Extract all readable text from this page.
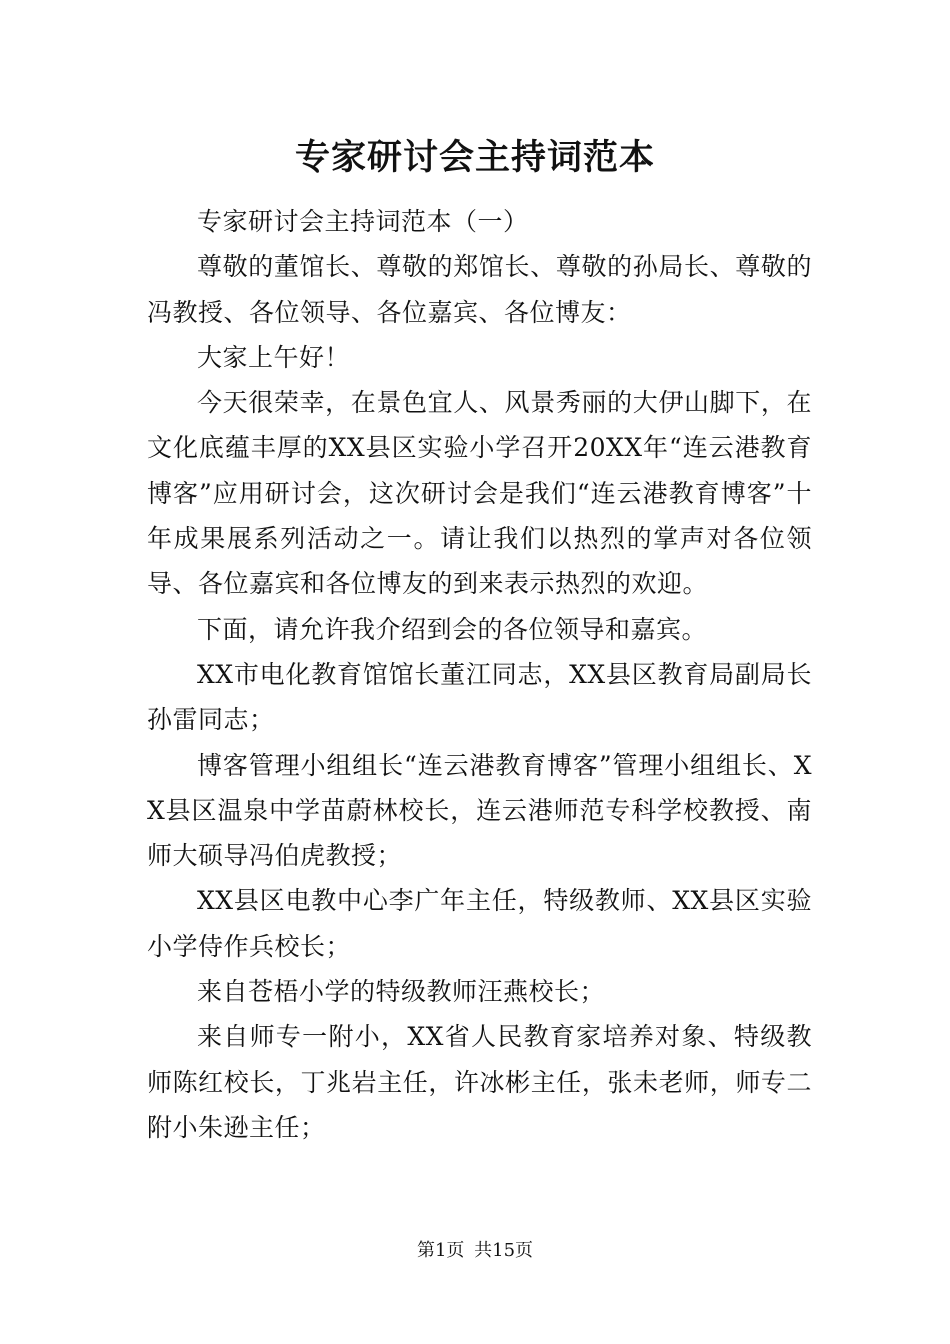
专家研讨会主持词范本

专家研讨会主持词范本（一）

尊敬的董馆长、尊敬的郑馆长、尊敬的孙局长、尊敬的冯教授、各位领导、各位嘉宾、各位博友：

大家上午好！

今天很荣幸，在景色宜人、风景秀丽的大伊山脚下，在文化底蕴丰厚的XX县区实验小学召开20XX年“连云港教育博客”应用研讨会，这次研讨会是我们“连云港教育博客”十年成果展系列活动之一。请让我们以热烈的掌声对各位领导、各位嘉宾和各位博友的到来表示热烈的欢迎。

下面，请允许我介绍到会的各位领导和嘉宾。

XX市电化教育馆馆长董江同志，XX县区教育局副局长孙雷同志；

博客管理小组组长“连云港教育博客”管理小组组长、XX县区温泉中学苗蔚林校长，连云港师范专科学校教授、南师大硕导冯伯虎教授；

XX县区电教中心李广年主任，特级教师、XX县区实验小学侍作兵校长；

来自苍梧小学的特级教师汪燕校长；

来自师专一附小，XX省人民教育家培养对象、特级教师陈红校长，丁兆岩主任，许冰彬主任，张未老师，师专二附小朱逊主任；

第1页 共15页
